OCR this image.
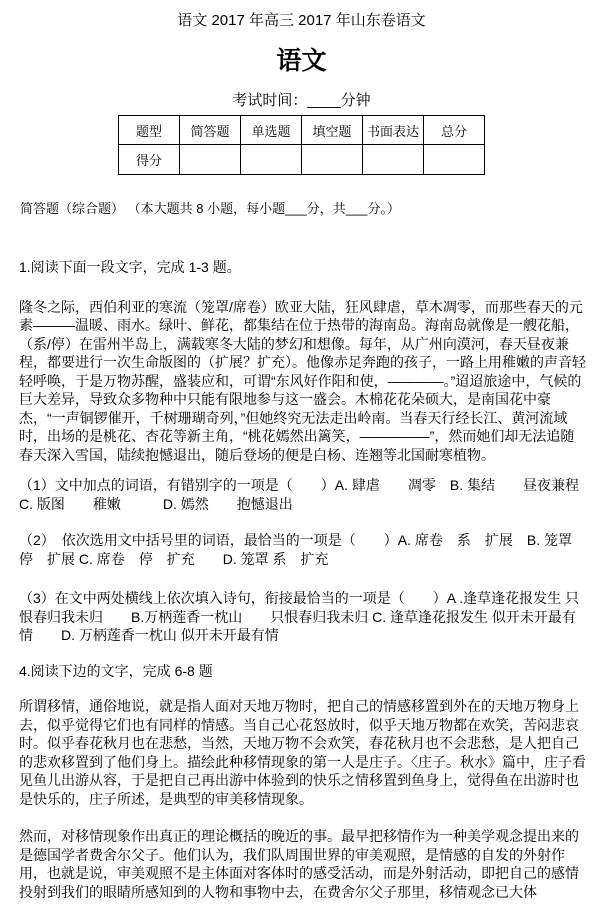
语文 2017 年高三 2017 年山东卷语文
语文
考试时间：____分钟
题型	简答题	单选题	填空题	书面表达	总分
得分					
简答题（综合题） （本大题共 8 小题，每小题___分，共___分。）
1.阅读下面一段文字，完成 1-3 题。
隆冬之际，西伯利亚的寒流（笼罩/席卷）欧亚大陆，狂风肆虐，草木凋零，而那些春天的元素———温暖、雨水。绿叶、鲜花，都集结在位于热带的海南岛。海南岛就像是一艘花船，（系/停）在雷州半岛上，满载寒冬大陆的梦幻和想像。每年，从广州向漠河，春天昼夜兼程，都要进行一次生命版图的（扩展？扩充）。他像赤足奔跑的孩子，一路上用稚嫩的声音轻轻呼唤，于是万物苏醒，盛装应和，可谓“东风好作阳和使，————。”迢迢旅途中，气候的巨大差异，导致众多物种中只能有限地参与这一盛会。木棉花花朵硕大，是南国花中豪杰，“一声铜锣催开，千树珊瑚奇列，”但她终究无法走出岭南。当春天行经长江、黄河流域时，出场的是桃花、杏花等新主角，“桃花嫣然出篱笑，—————”，然而她们却无法追随春天深入雪国，陆续抱憾退出，随后登场的便是白杨、连翘等北国耐寒植物。
（1）文中加点的词语，有错别字的一项是（　　）A. 肆虐　　凋零　B. 集结　　昼夜兼程 C. 版图　　稚嫩　　　D. 嫣然　　抱憾退出
（2）　依次选用文中括号里的词语，最恰当的一项是（　　）A. 席卷　系　扩展　B. 笼罩　停　扩展 C. 席卷　停　扩充　　D. 笼罩 系　扩充
（3）在文中两处横线上依次填入诗句，衔接最恰当的一项是（　　）A .逢草逢花报发生 只恨春归我未归　　B.万柄莲香一枕山　　只恨春归我未归 C. 逢草逢花报发生 似开未开最有情　　D. 万柄莲香一枕山 似开未开最有情
4.阅读下边的文字，完成 6-8 题
所谓移情，通俗地说，就是指人面对天地万物时，把自己的情感移置到外在的天地万物身上去，似乎觉得它们也有同样的情感。当自己心花怒放时，似乎天地万物都在欢笑，苦闷悲哀时。似乎春花秋月也在悲愁，当然，天地万物不会欢笑，春花秋月也不会悲愁，是人把自己的悲欢移置到了他们身上。描绘此种移情现象的第一人是庄子。〈庄子。秋水》篇中，庄子看见鱼儿出游从容，于是把自己再出游中体验到的快乐之情移置到鱼身上，觉得鱼在出游时也是快乐的，庄子所述，是典型的审美移情现象。
然而，对移情现象作出真正的理论概括的晚近的事。最早把移情作为一种美学观念提出来的是德国学者费舍尔父子。他们认为，我们队周围世界的审美观照，是情感的自发的外射作用，也就是说，审美观照不是主体面对客体时的感受活动，而是外射活动，即把自己的感情投射到我们的眼睛所感知到的人物和事物中去，在费舍尔父子那里，移情观念已大体
